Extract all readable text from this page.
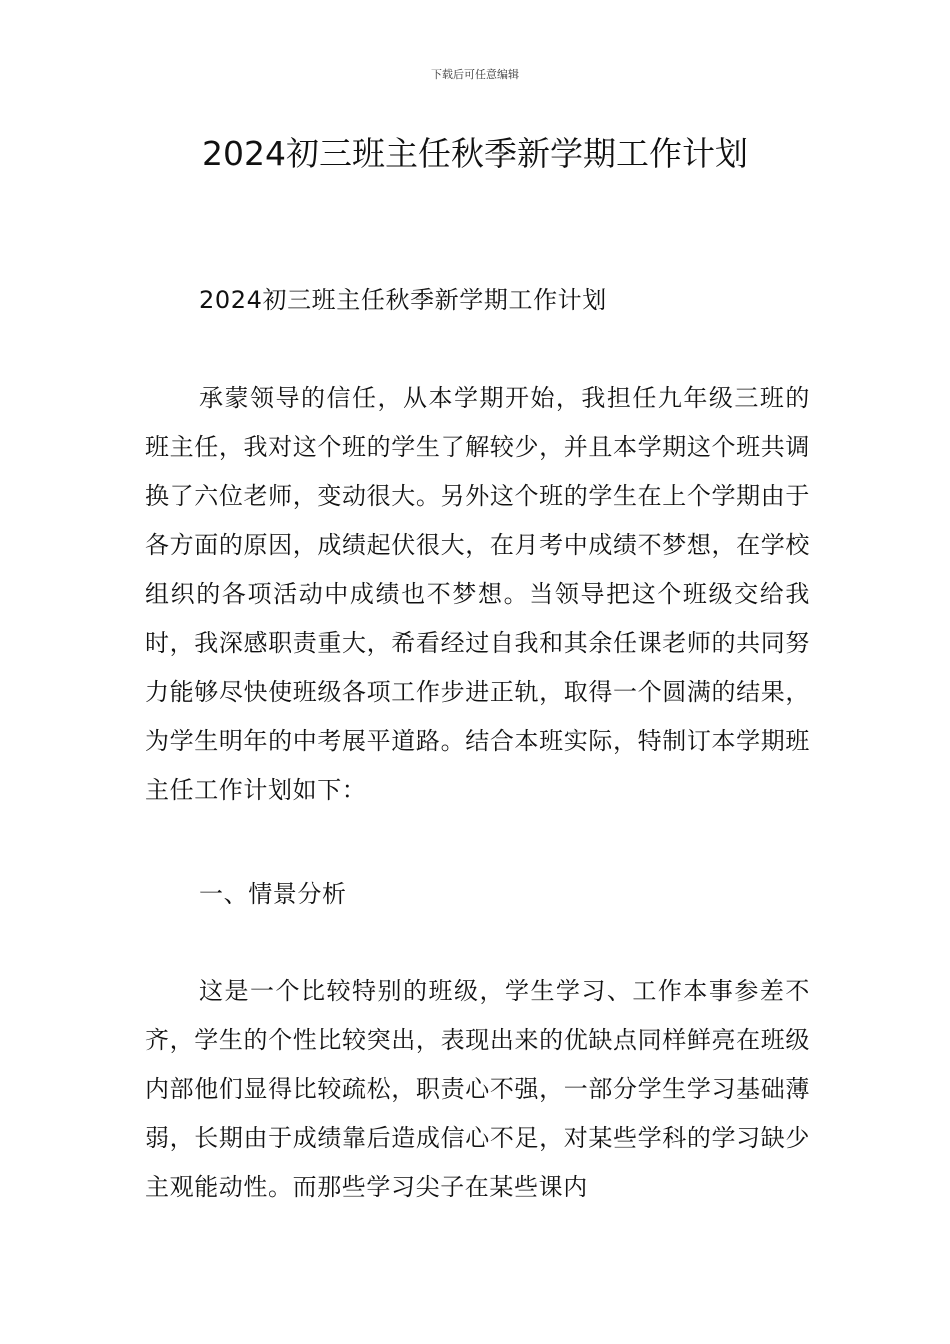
下载后可任意编辑
2024初三班主任秋季新学期工作计划

2024初三班主任秋季新学期工作计划

承蒙领导的信任，从本学期开始，我担任九年级三班的班主任，我对这个班的学生了解较少，并且本学期这个班共调换了六位老师，变动很大。另外这个班的学生在上个学期由于各方面的原因，成绩起伏很大，在月考中成绩不梦想，在学校组织的各项活动中成绩也不梦想。当领导把这个班级交给我时，我深感职责重大，希看经过自我和其余任课老师的共同努力能够尽快使班级各项工作步进正轨，取得一个圆满的结果，为学生明年的中考展平道路。结合本班实际，特制订本学期班主任工作计划如下：

一、情景分析

这是一个比较特别的班级，学生学习、工作本事参差不齐，学生的个性比较突出，表现出来的优缺点同样鲜亮在班级内部他们显得比较疏松，职责心不强，一部分学生学习基础薄弱，长期由于成绩靠后造成信心不足，对某些学科的学习缺少主观能动性。而那些学习尖子在某些课内
